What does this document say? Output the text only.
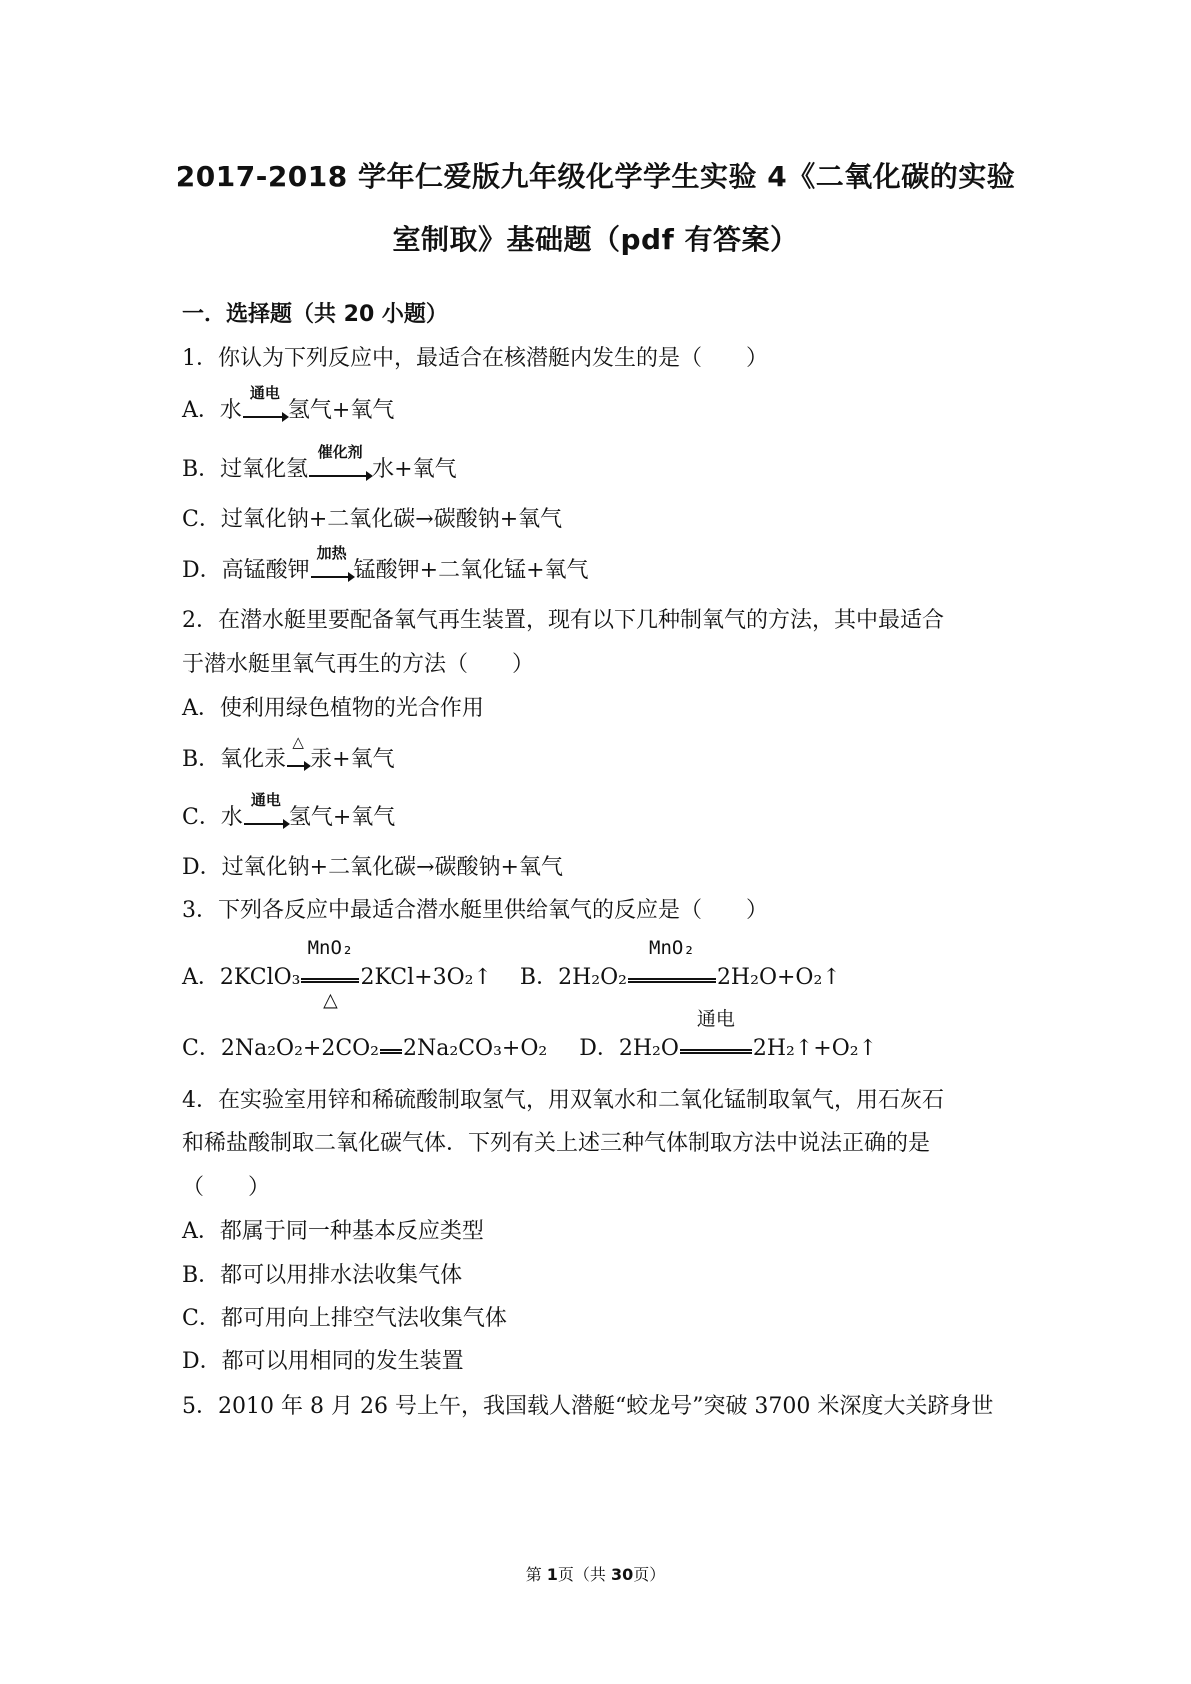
2017-2018 学年仁爱版九年级化学学生实验 4《二氧化碳的实验
室制取》基础题（pdf 有答案）
一．选择题（共 20 小题）
1．你认为下列反应中，最适合在核潜艇内发生的是（　　）
A．水
通电
氢气+氧气
B．过氧化氢
催化剂
水+氧气
C．过氧化钠+二氧化碳→碳酸钠+氧气
D．高锰酸钾
加热
锰酸钾+二氧化锰+氧气
2．在潜水艇里要配备氧气再生装置，现有以下几种制氧气的方法，其中最适合
于潜水艇里氧气再生的方法（　　）
A．使利用绿色植物的光合作用
B．氧化汞
△
汞+氧气
C．水
通电
氢气+氧气
D．过氧化钠+二氧化碳→碳酸钠+氧气
3．下列各反应中最适合潜水艇里供给氧气的反应是（　　）
A．2KClO₃
MnO₂
△
2KCl+3O₂↑ B．2H₂O₂
MnO₂
2H₂O+O₂↑
C．2Na₂O₂+2CO₂ 2Na₂CO₃+O₂ D．2H₂O
通电
2H₂↑+O₂↑
4．在实验室用锌和稀硫酸制取氢气，用双氧水和二氧化锰制取氧气，用石灰石
和稀盐酸制取二氧化碳气体．下列有关上述三种气体制取方法中说法正确的是
（　　）
A．都属于同一种基本反应类型
B．都可以用排水法收集气体
C．都可用向上排空气法收集气体
D．都可以用相同的发生装置
5．2010 年 8 月 26 号上午，我国载人潜艇“蛟龙号”突破 3700 米深度大关跻身世
第 1页（共 30页）
